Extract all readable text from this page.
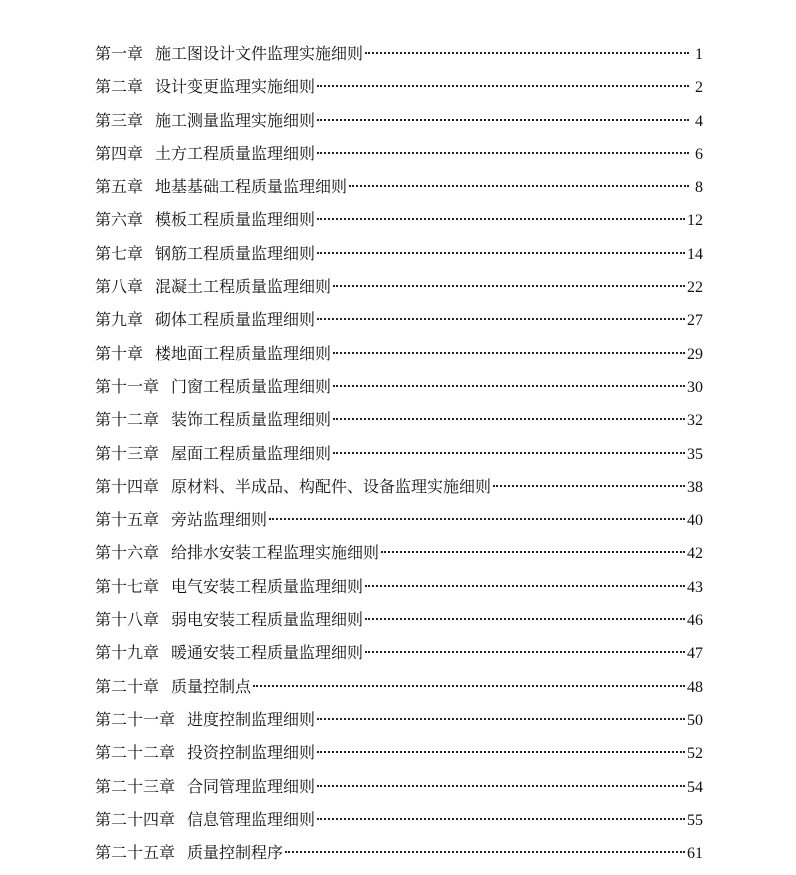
第一章 施工图设计文件监理实施细则	1
第二章 设计变更监理实施细则	2
第三章 施工测量监理实施细则	4
第四章 土方工程质量监理细则	6
第五章 地基基础工程质量监理细则	8
第六章 模板工程质量监理细则	12
第七章 钢筋工程质量监理细则	14
第八章 混凝土工程质量监理细则	22
第九章 砌体工程质量监理细则	27
第十章 楼地面工程质量监理细则	29
第十一章 门窗工程质量监理细则	30
第十二章 装饰工程质量监理细则	32
第十三章 屋面工程质量监理细则	35
第十四章 原材料、半成品、构配件、设备监理实施细则	38
第十五章 旁站监理细则	40
第十六章 给排水安装工程监理实施细则	42
第十七章 电气安装工程质量监理细则	43
第十八章 弱电安装工程质量监理细则	46
第十九章 暖通安装工程质量监理细则	47
第二十章 质量控制点	48
第二十一章 进度控制监理细则	50
第二十二章 投资控制监理细则	52
第二十三章 合同管理监理细则	54
第二十四章 信息管理监理细则	55
第二十五章 质量控制程序	61
